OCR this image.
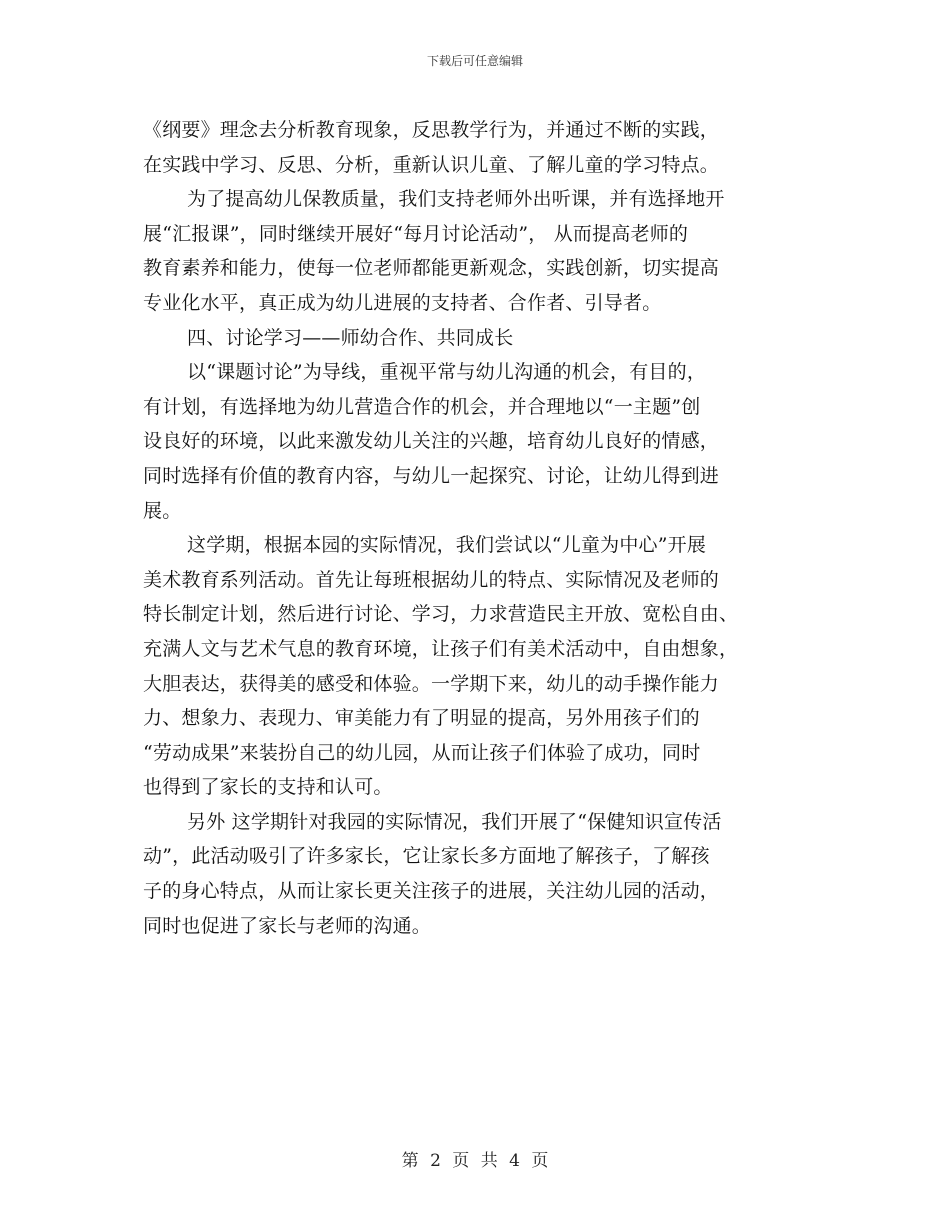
下载后可任意编辑
《纲要》理念去分析教育现象，反思教学行为，并通过不断的实践，
在实践中学习、反思、分析，重新认识儿童、了解儿童的学习特点。
为了提高幼儿保教质量，我们支持老师外出听课，并有选择地开
展“汇报课”，同时继续开展好“每月讨论活动”， 从而提高老师的
教育素养和能力，使每一位老师都能更新观念，实践创新，切实提高
专业化水平，真正成为幼儿进展的支持者、合作者、引导者。
四、讨论学习——师幼合作、共同成长
以“课题讨论”为导线，重视平常与幼儿沟通的机会，有目的，
有计划，有选择地为幼儿营造合作的机会，并合理地以“一主题”创
设良好的环境，以此来激发幼儿关注的兴趣，培育幼儿良好的情感，
同时选择有价值的教育内容，与幼儿一起探究、讨论，让幼儿得到进
展。
这学期，根据本园的实际情况，我们尝试以“儿童为中心”开展
美术教育系列活动。首先让每班根据幼儿的特点、实际情况及老师的
特长制定计划，然后进行讨论、学习，力求营造民主开放、宽松自由、
充满人文与艺术气息的教育环境，让孩子们有美术活动中，自由想象，
大胆表达，获得美的感受和体验。一学期下来，幼儿的动手操作能力
力、想象力、表现力、审美能力有了明显的提高，另外用孩子们的
“劳动成果”来装扮自己的幼儿园，从而让孩子们体验了成功，同时
也得到了家长的支持和认可。
另外 这学期针对我园的实际情况，我们开展了“保健知识宣传活
动”，此活动吸引了许多家长，它让家长多方面地了解孩子，了解孩
子的身心特点，从而让家长更关注孩子的进展，关注幼儿园的活动，
同时也促进了家长与老师的沟通。
第 2 页 共 4 页
